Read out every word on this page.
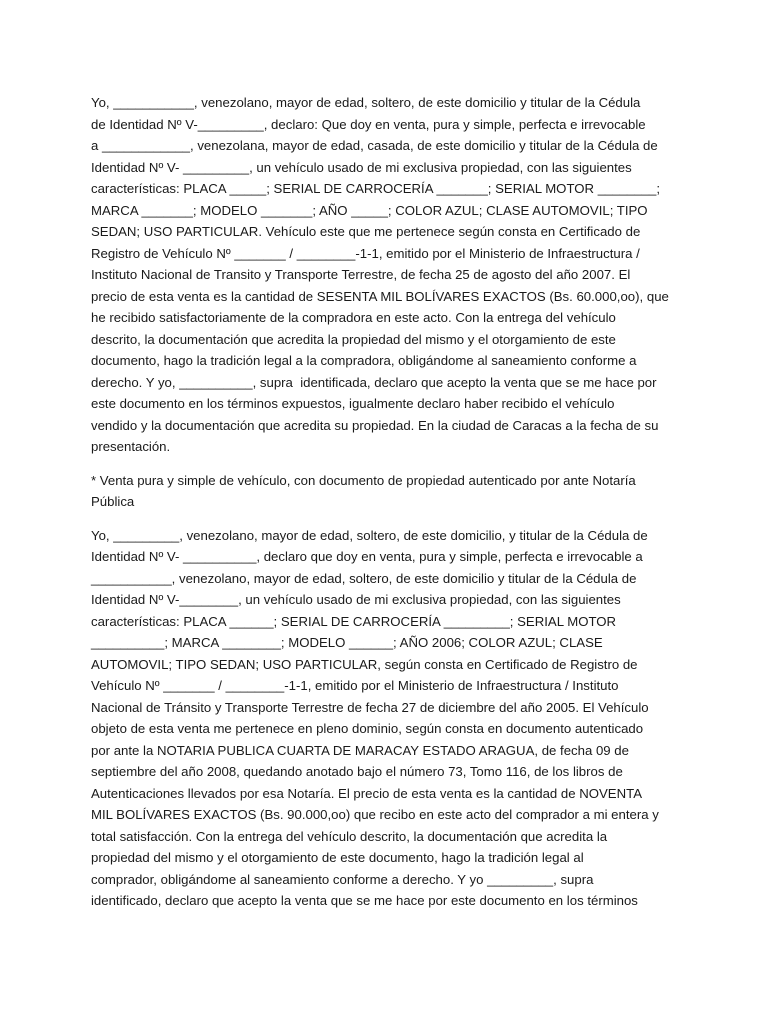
Yo, ___________, venezolano, mayor de edad, soltero, de este domicilio y titular de la Cédula
de Identidad Nº V-_________, declaro: Que doy en venta, pura y simple, perfecta e irrevocable
a ____________, venezolana, mayor de edad, casada, de este domicilio y titular de la Cédula de
Identidad Nº V- _________, un vehículo usado de mi exclusiva propiedad, con las siguientes
características: PLACA _____; SERIAL DE CARROCERÍA _______; SERIAL MOTOR ________;
MARCA _______; MODELO _______; AÑO _____; COLOR AZUL; CLASE AUTOMOVIL; TIPO
SEDAN; USO PARTICULAR. Vehículo este que me pertenece según consta en Certificado de
Registro de Vehículo Nº _______ / ________-1-1, emitido por el Ministerio de Infraestructura /
Instituto Nacional de Transito y Transporte Terrestre, de fecha 25 de agosto del año 2007. El
precio de esta venta es la cantidad de SESENTA MIL BOLÍVARES EXACTOS (Bs. 60.000,oo), que
he recibido satisfactoriamente de la compradora en este acto. Con la entrega del vehículo
descrito, la documentación que acredita la propiedad del mismo y el otorgamiento de este
documento, hago la tradición legal a la compradora, obligándome al saneamiento conforme a
derecho. Y yo, __________, supra  identificada, declaro que acepto la venta que se me hace por
este documento en los términos expuestos, igualmente declaro haber recibido el vehículo
vendido y la documentación que acredita su propiedad. En la ciudad de Caracas a la fecha de su
presentación.
* Venta pura y simple de vehículo, con documento de propiedad autenticado por ante Notaría
Pública
Yo, _________, venezolano, mayor de edad, soltero, de este domicilio, y titular de la Cédula de
Identidad Nº V- __________, declaro que doy en venta, pura y simple, perfecta e irrevocable a
___________, venezolano, mayor de edad, soltero, de este domicilio y titular de la Cédula de
Identidad Nº V-________, un vehículo usado de mi exclusiva propiedad, con las siguientes
características: PLACA ______; SERIAL DE CARROCERÍA _________; SERIAL MOTOR
__________; MARCA ________; MODELO ______; AÑO 2006; COLOR AZUL; CLASE
AUTOMOVIL; TIPO SEDAN; USO PARTICULAR, según consta en Certificado de Registro de
Vehículo Nº _______ / ________-1-1, emitido por el Ministerio de Infraestructura / Instituto
Nacional de Tránsito y Transporte Terrestre de fecha 27 de diciembre del año 2005. El Vehículo
objeto de esta venta me pertenece en pleno dominio, según consta en documento autenticado
por ante la NOTARIA PUBLICA CUARTA DE MARACAY ESTADO ARAGUA, de fecha 09 de
septiembre del año 2008, quedando anotado bajo el número 73, Tomo 116, de los libros de
Autenticaciones llevados por esa Notaría. El precio de esta venta es la cantidad de NOVENTA
MIL BOLÍVARES EXACTOS (Bs. 90.000,oo) que recibo en este acto del comprador a mi entera y
total satisfacción. Con la entrega del vehículo descrito, la documentación que acredita la
propiedad del mismo y el otorgamiento de este documento, hago la tradición legal al
comprador, obligándome al saneamiento conforme a derecho. Y yo _________, supra
identificado, declaro que acepto la venta que se me hace por este documento en los términos
